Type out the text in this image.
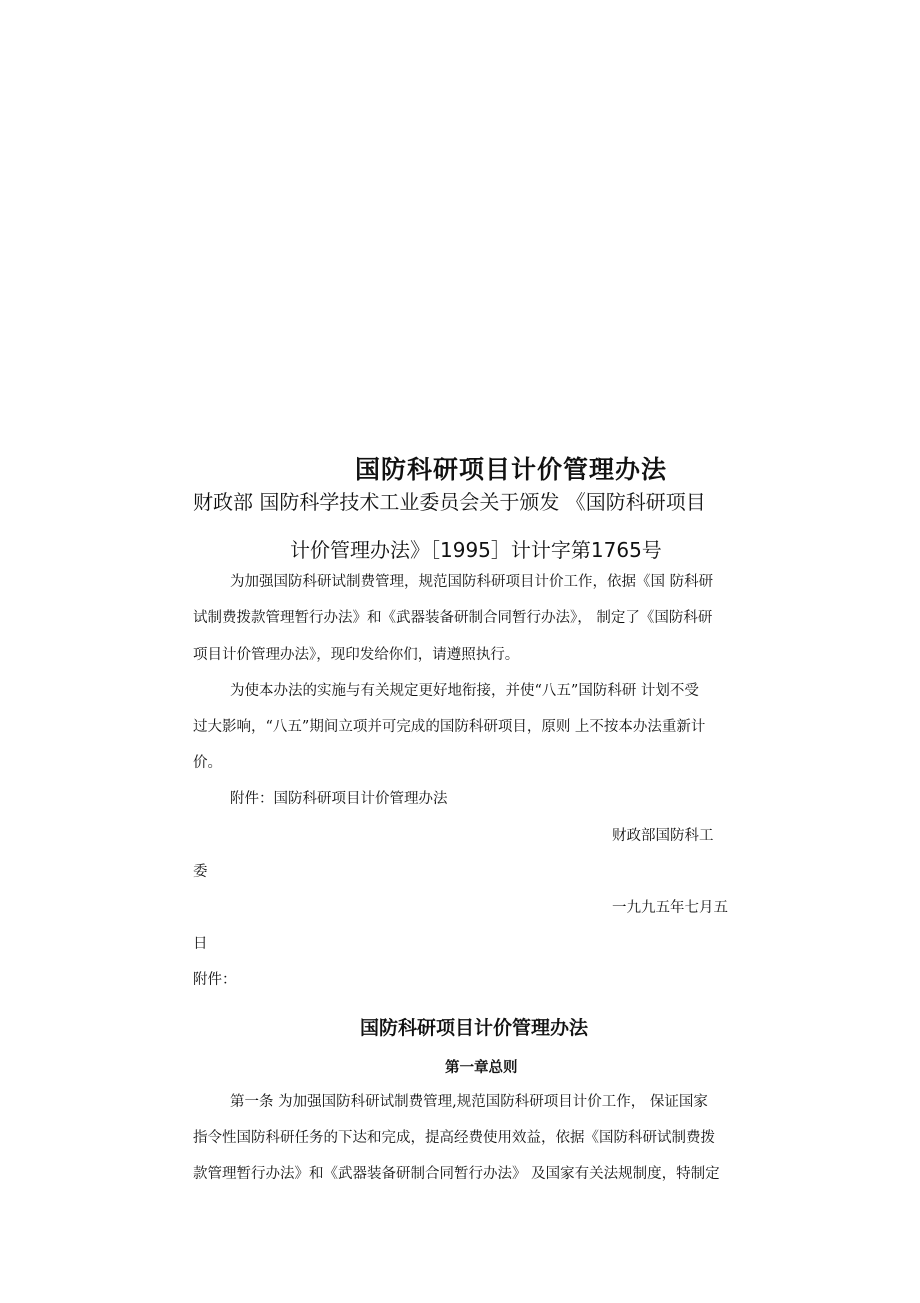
国防科研项目计价管理办法
财政部 国防科学技术工业委员会关于颁发 《国防科研项目
计价管理办法》［1995］计计字第1765号

为加强国防科研试制费管理，规范国防科研项目计价工作，依据《国 防科研

试制费拨款管理暂行办法》和《武器装备研制合同暂行办法》， 制定了《国防科研

项目计价管理办法》，现印发给你们，请遵照执行。

为使本办法的实施与有关规定更好地衔接，并使“八五”国防科研 计划不受

过大影响，“八五”期间立项并可完成的国防科研项目，原则 上不按本办法重新计

价。

附件：国防科研项目计价管理办法

财政部国防科工

委

一九九五年七月五

日

附件：

国防科研项目计价管理办法
第一章总则

第一条 为加强国防科研试制费管理,规范国防科研项目计价工作， 保证国家

指令性国防科研任务的下达和完成，提高经费使用效益，依据《国防科研试制费拨

款管理暂行办法》和《武器装备研制合同暂行办法》 及国家有关法规制度，特制定
